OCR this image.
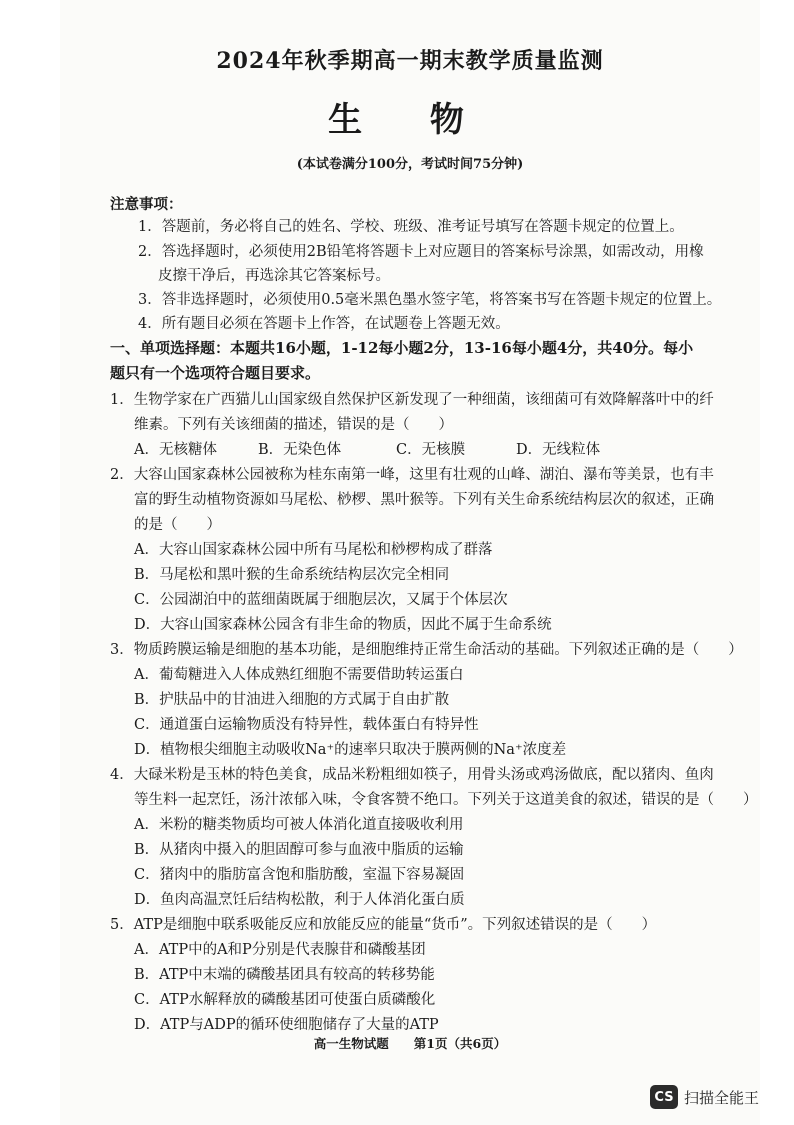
2024年秋季期高一期末教学质量监测
生 物
(本试卷满分100分，考试时间75分钟)
注意事项：
1．答题前，务必将自己的姓名、学校、班级、准考证号填写在答题卡规定的位置上。
2．答选择题时，必须使用2B铅笔将答题卡上对应题目的答案标号涂黑，如需改动，用橡
皮擦干净后，再选涂其它答案标号。
3．答非选择题时，必须使用0.5毫米黑色墨水签字笔，将答案书写在答题卡规定的位置上。
4．所有题目必须在答题卡上作答，在试题卷上答题无效。
一、单项选择题：本题共16小题，1-12每小题2分，13-16每小题4分，共40分。每小
题只有一个选项符合题目要求。
1．生物学家在广西猫儿山国家级自然保护区新发现了一种细菌，该细菌可有效降解落叶中的纤
维素。下列有关该细菌的描述，错误的是（　　）
A．无核糖体	B．无染色体	C．无核膜	D．无线粒体
2．大容山国家森林公园被称为桂东南第一峰，这里有壮观的山峰、湖泊、瀑布等美景，也有丰
富的野生动植物资源如马尾松、桫椤、黑叶猴等。下列有关生命系统结构层次的叙述，正确
的是（　　）
A．大容山国家森林公园中所有马尾松和桫椤构成了群落
B．马尾松和黑叶猴的生命系统结构层次完全相同
C．公园湖泊中的蓝细菌既属于细胞层次，又属于个体层次
D．大容山国家森林公园含有非生命的物质，因此不属于生命系统
3．物质跨膜运输是细胞的基本功能，是细胞维持正常生命活动的基础。下列叙述正确的是（　　）
A．葡萄糖进入人体成熟红细胞不需要借助转运蛋白
B．护肤品中的甘油进入细胞的方式属于自由扩散
C．通道蛋白运输物质没有特异性，载体蛋白有特异性
D．植物根尖细胞主动吸收Na⁺的速率只取决于膜两侧的Na⁺浓度差
4．大碌米粉是玉林的特色美食，成品米粉粗细如筷子，用骨头汤或鸡汤做底，配以猪肉、鱼肉
等生料一起烹饪，汤汁浓郁入味，令食客赞不绝口。下列关于这道美食的叙述，错误的是（　　）
A．米粉的糖类物质均可被人体消化道直接吸收利用
B．从猪肉中摄入的胆固醇可参与血液中脂质的运输
C．猪肉中的脂肪富含饱和脂肪酸，室温下容易凝固
D．鱼肉高温烹饪后结构松散，利于人体消化蛋白质
5．ATP是细胞中联系吸能反应和放能反应的能量“货币”。下列叙述错误的是（　　）
A．ATP中的A和P分别是代表腺苷和磷酸基团
B．ATP中末端的磷酸基团具有较高的转移势能
C．ATP水解释放的磷酸基团可使蛋白质磷酸化
D．ATP与ADP的循环使细胞储存了大量的ATP
高一生物试题　　第1页（共6页）
CS 扫描全能王
